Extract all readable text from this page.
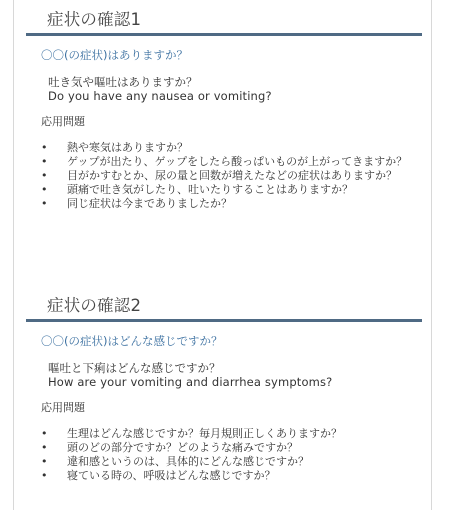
症状の確認1
〇〇(の症状)はありますか？
吐き気や嘔吐はありますか？
Do you have any nausea or vomiting?
応用問題
• 熱や寒気はありますか？
• ゲップが出たり、ゲップをしたら酸っぱいものが上がってきますか？
• 目がかすむとか、尿の量と回数が増えたなどの症状はありますか？
• 頭痛で吐き気がしたり、吐いたりすることはありますか？
• 同じ症状は今までありましたか？
症状の確認2
〇〇(の症状)はどんな感じですか？
嘔吐と下痢はどんな感じですか？
How are your vomiting and diarrhea symptoms?
応用問題
• 生理はどんな感じですか？毎月規則正しくありますか？
• 頭のどの部分ですか？どのような痛みですか？
• 違和感というのは、具体的にどんな感じですか？
• 寝ている時の、呼吸はどんな感じですか？
